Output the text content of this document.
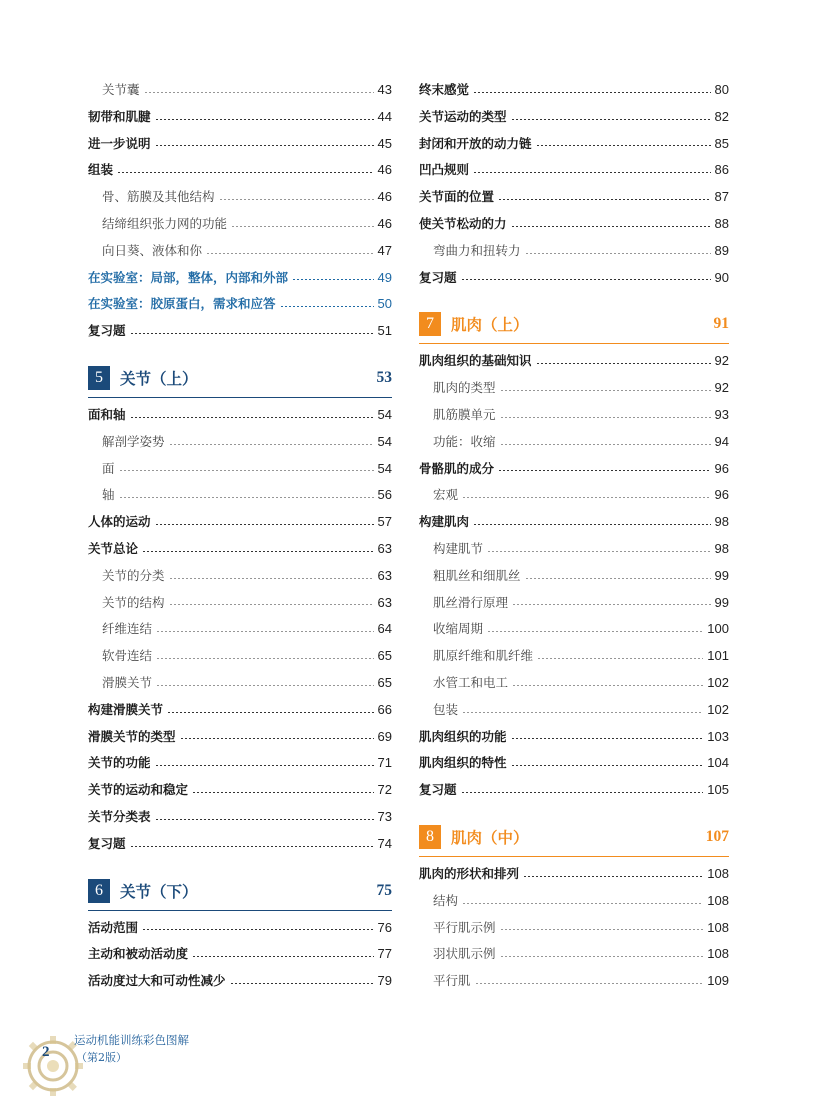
关节囊	43
韧带和肌腱	44
进一步说明	45
组装	46
骨、筋膜及其他结构	46
结缔组织张力网的功能	46
向日葵、液体和你	47
在实验室：局部，整体，内部和外部	49
在实验室：胶原蛋白，需求和应答	50
复习题	51
5	关节（上）	53
面和轴	54
解剖学姿势	54
面	54
轴	56
人体的运动	57
关节总论	63
关节的分类	63
关节的结构	63
纤维连结	64
软骨连结	65
滑膜关节	65
构建滑膜关节	66
滑膜关节的类型	69
关节的功能	71
关节的运动和稳定	72
关节分类表	73
复习题	74
6	关节（下）	75
活动范围	76
主动和被动活动度	77
活动度过大和可动性减少	79
终末感觉	80
关节运动的类型	82
封闭和开放的动力链	85
凹凸规则	86
关节面的位置	87
使关节松动的力	88
弯曲力和扭转力	89
复习题	90
7	肌肉（上）	91
肌肉组织的基础知识	92
肌肉的类型	92
肌筋膜单元	93
功能：收缩	94
骨骼肌的成分	96
宏观	96
构建肌肉	98
构建肌节	98
粗肌丝和细肌丝	99
肌丝滑行原理	99
收缩周期	100
肌原纤维和肌纤维	101
水管工和电工	102
包装	102
肌肉组织的功能	103
肌肉组织的特性	104
复习题	105
8	肌肉（中）	107
肌肉的形状和排列	108
结构	108
平行肌示例	108
羽状肌示例	108
平行肌	109
2
运动机能训练彩色图解
（第2版）
